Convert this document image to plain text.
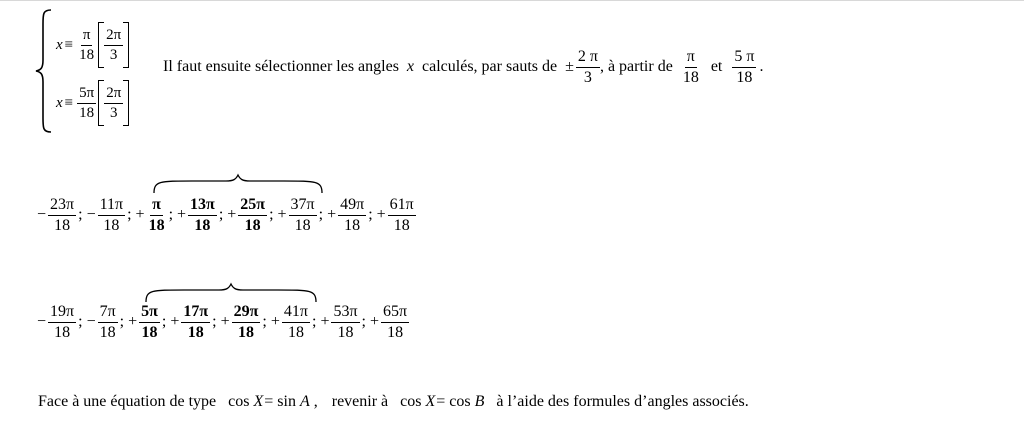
$x \equiv \frac{\pi}{18} \frac{2\pi}{3}$
$x \equiv \frac{5\pi}{18} \frac{2\pi}{3}$
Il faut ensuite sélectionner les angles x calculés, par sauts de ± $\frac{2 \pi}{3}$ , à partir de $\frac{\pi}{18}$ et $\frac{5 \pi}{18}$ .
− $\frac{23\pi}{18}$ ; − $\frac{11\pi}{18}$ ; + $\frac{\pi}{18}$ ; + $\frac{13\pi}{18}$ ; + $\frac{25\pi}{18}$ ; + $\frac{37\pi}{18}$ ; + $\frac{49\pi}{18}$ ; + $\frac{61\pi}{18}$
− $\frac{19\pi}{18}$ ; − $\frac{7\pi}{18}$ ; + $\frac{5\pi}{18}$ ; + $\frac{17\pi}{18}$ ; + $\frac{29\pi}{18}$ ; + $\frac{41\pi}{18}$ ; + $\frac{53\pi}{18}$ ; + $\frac{65\pi}{18}$
Face à une équation de type cos X = sin A , revenir à cos X = cos B à l’aide des formules d’angles associés.
